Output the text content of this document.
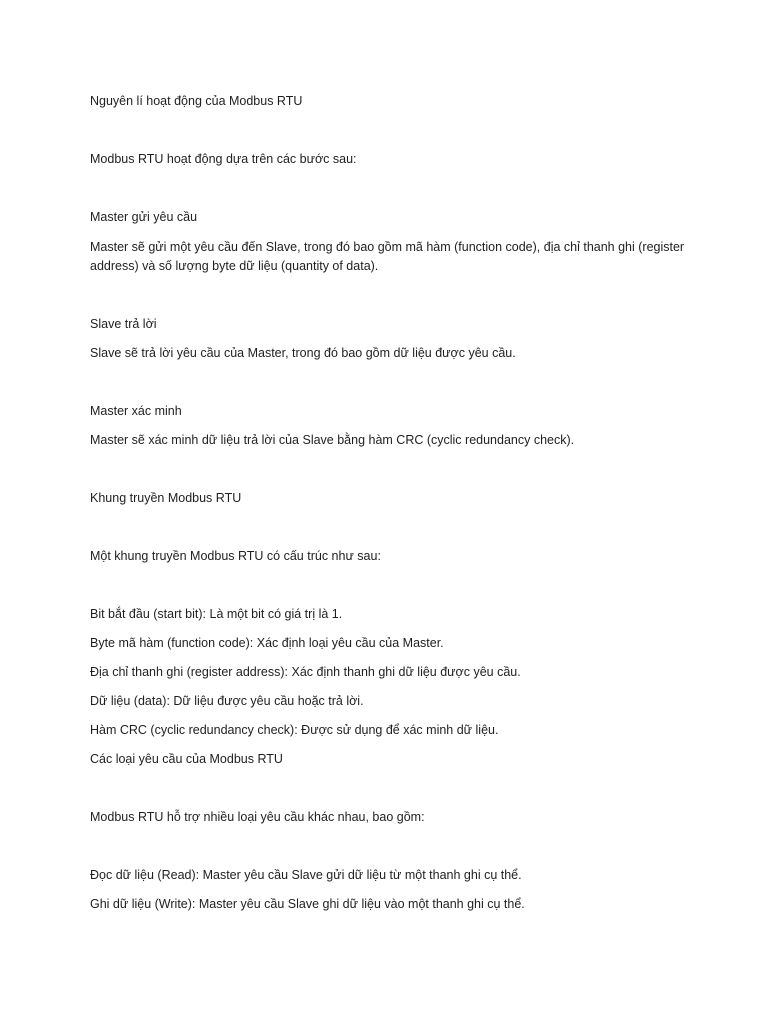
Nguyên lí hoạt động của Modbus RTU
Modbus RTU hoạt động dựa trên các bước sau:
Master gửi yêu cầu
Master sẽ gửi một yêu cầu đến Slave, trong đó bao gồm mã hàm (function code), địa chỉ thanh ghi (register address) và số lượng byte dữ liệu (quantity of data).
Slave trả lời
Slave sẽ trả lời yêu cầu của Master, trong đó bao gồm dữ liệu được yêu cầu.
Master xác minh
Master sẽ xác minh dữ liệu trả lời của Slave bằng hàm CRC (cyclic redundancy check).
Khung truyền Modbus RTU
Một khung truyền Modbus RTU có cấu trúc như sau:
Bit bắt đầu (start bit): Là một bit có giá trị là 1.
Byte mã hàm (function code): Xác định loại yêu cầu của Master.
Địa chỉ thanh ghi (register address): Xác định thanh ghi dữ liệu được yêu cầu.
Dữ liệu (data): Dữ liệu được yêu cầu hoặc trả lời.
Hàm CRC (cyclic redundancy check): Được sử dụng để xác minh dữ liệu.
Các loại yêu cầu của Modbus RTU
Modbus RTU hỗ trợ nhiều loại yêu cầu khác nhau, bao gồm:
Đọc dữ liệu (Read): Master yêu cầu Slave gửi dữ liệu từ một thanh ghi cụ thể.
Ghi dữ liệu (Write): Master yêu cầu Slave ghi dữ liệu vào một thanh ghi cụ thể.
